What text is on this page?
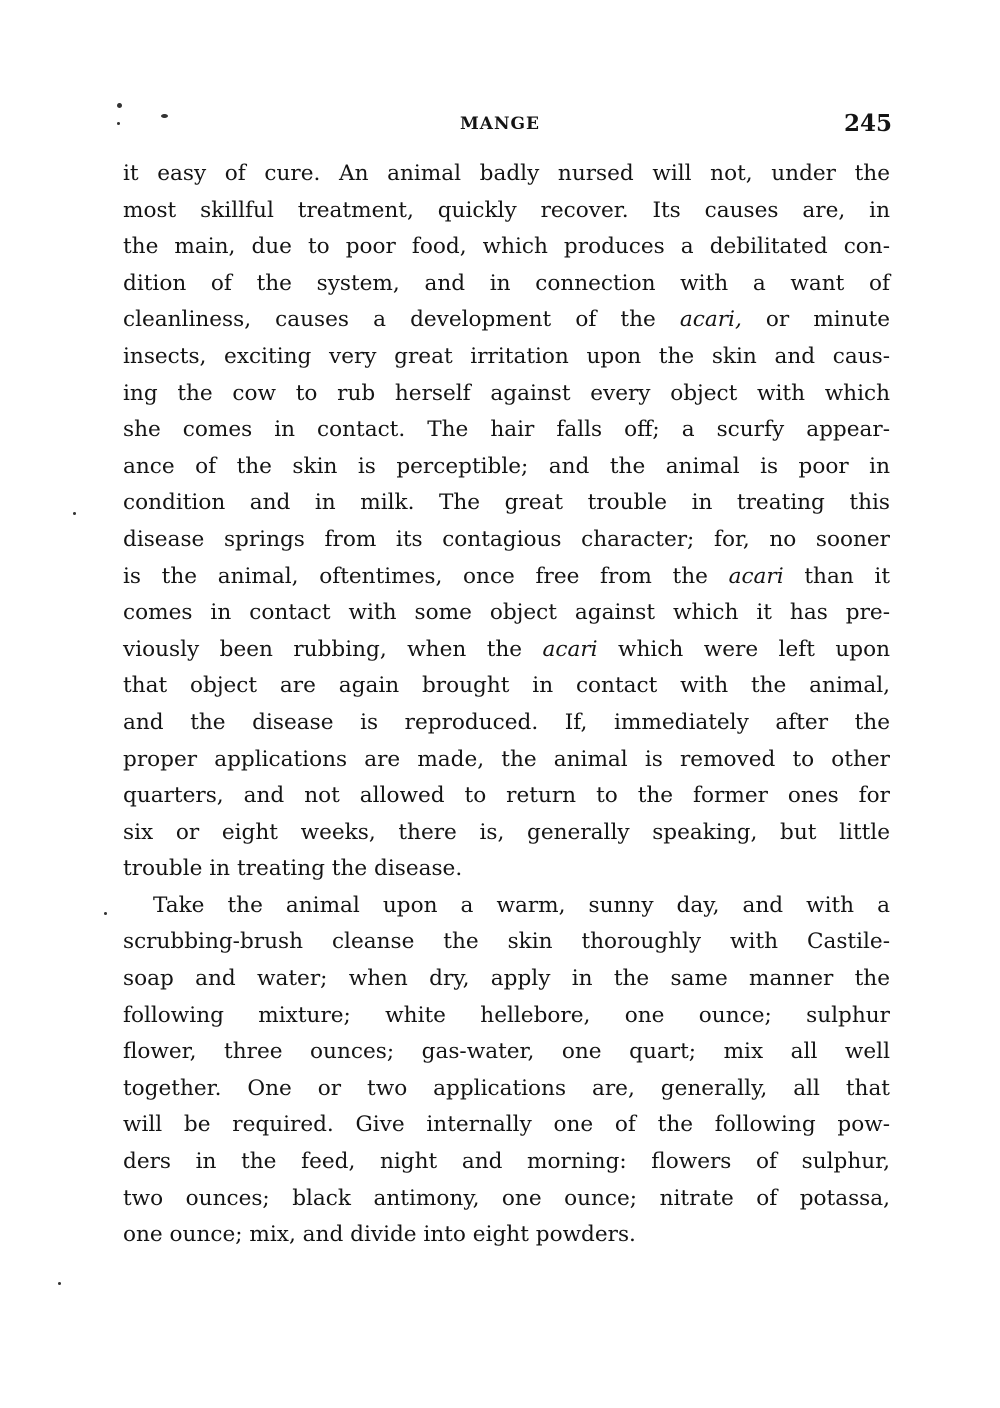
MANGE	245
it easy of cure. An animal badly nursed will not, under the
most skillful treatment, quickly recover. Its causes are, in
the main, due to poor food, which produces a debilitated con-
dition of the system, and in connection with a want of
cleanliness, causes a development of the acari, or minute
insects, exciting very great irritation upon the skin and caus-
ing the cow to rub herself against every object with which
she comes in contact. The hair falls off; a scurfy appear-
ance of the skin is perceptible; and the animal is poor in
condition and in milk. The great trouble in treating this
disease springs from its contagious character; for, no sooner
is the animal, oftentimes, once free from the acari than it
comes in contact with some object against which it has pre-
viously been rubbing, when the acari which were left upon
that object are again brought in contact with the animal,
and the disease is reproduced. If, immediately after the
proper applications are made, the animal is removed to other
quarters, and not allowed to return to the former ones for
six or eight weeks, there is, generally speaking, but little
trouble in treating the disease.
Take the animal upon a warm, sunny day, and with a
scrubbing-brush cleanse the skin thoroughly with Castile-
soap and water; when dry, apply in the same manner the
following mixture; white hellebore, one ounce; sulphur
flower, three ounces; gas-water, one quart; mix all well
together. One or two applications are, generally, all that
will be required. Give internally one of the following pow-
ders in the feed, night and morning: flowers of sulphur,
two ounces; black antimony, one ounce; nitrate of potassa,
one ounce; mix, and divide into eight powders.
